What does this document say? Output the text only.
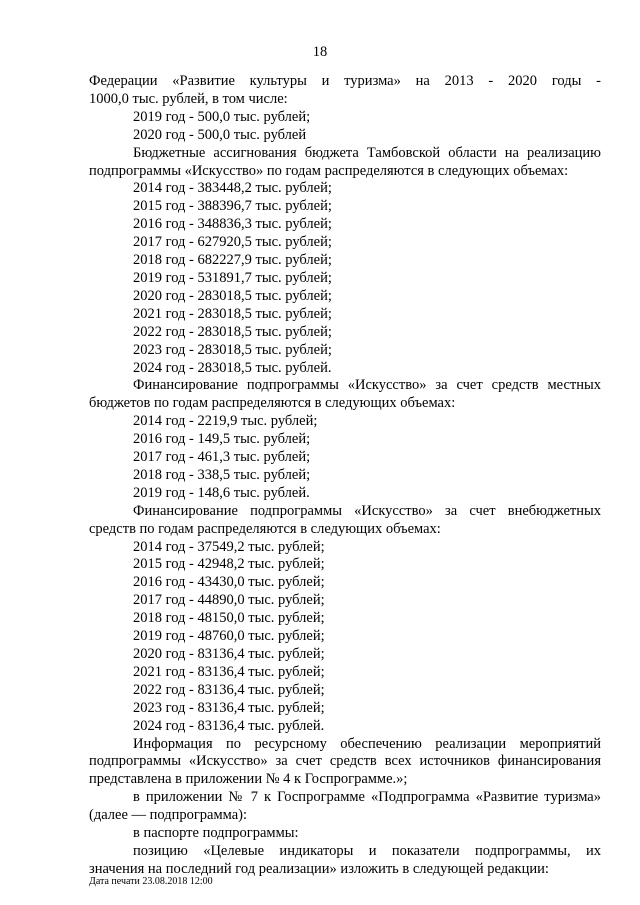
18

Федерации «Развитие культуры и туризма» на 2013 - 2020 годы -

1000,0 тыс. рублей, в том числе:

2019 год - 500,0 тыс. рублей;

2020 год - 500,0 тыс. рублей

Бюджетные ассигнования бюджета Тамбовской области на реализацию

подпрограммы «Искусство» по годам распределяются в следующих объемах:

2014 год - 383448,2 тыс. рублей;

2015 год - 388396,7 тыс. рублей;

2016 год - 348836,3 тыс. рублей;

2017 год - 627920,5 тыс. рублей;

2018 год - 682227,9 тыс. рублей;

2019 год - 531891,7 тыс. рублей;

2020 год - 283018,5 тыс. рублей;

2021 год - 283018,5 тыс. рублей;

2022 год - 283018,5 тыс. рублей;

2023 год - 283018,5 тыс. рублей;

2024 год - 283018,5 тыс. рублей.

Финансирование подпрограммы «Искусство» за счет средств местных

бюджетов по годам распределяются в следующих объемах:

2014 год - 2219,9 тыс. рублей;

2016 год - 149,5 тыс. рублей;

2017 год - 461,3 тыс. рублей;

2018 год - 338,5 тыс. рублей;

2019 год - 148,6 тыс. рублей.

Финансирование подпрограммы «Искусство» за счет внебюджетных

средств по годам распределяются в следующих объемах:

2014 год - 37549,2 тыс. рублей;

2015 год - 42948,2 тыс. рублей;

2016 год - 43430,0 тыс. рублей;

2017 год - 44890,0 тыс. рублей;

2018 год - 48150,0 тыс. рублей;

2019 год - 48760,0 тыс. рублей;

2020 год - 83136,4 тыс. рублей;

2021 год - 83136,4 тыс. рублей;

2022 год - 83136,4 тыс. рублей;

2023 год - 83136,4 тыс. рублей;

2024 год - 83136,4 тыс. рублей.

Информация по ресурсному обеспечению реализации мероприятий

подпрограммы «Искусство» за счет средств всех источников финансирования

представлена в приложении № 4 к Госпрограмме.»;

в приложении № 7 к Госпрограмме «Подпрограмма «Развитие туризма»

(далее — подпрограмма):

в паспорте подпрограммы:

позицию «Целевые индикаторы и показатели подпрограммы, их

значения на последний год реализации» изложить в следующей редакции:

Дата печати 23.08.2018 12:00
